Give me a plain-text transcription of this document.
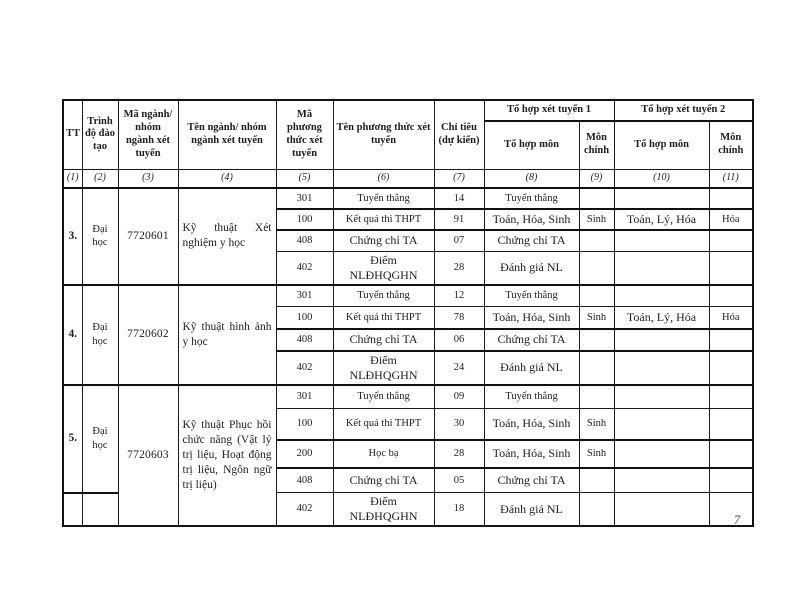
TT	Trình độ đào tạo	Mã ngành/ nhóm ngành xét tuyển	Tên ngành/ nhóm ngành xét tuyển	Mã phương thức xét tuyển	Tên phương thức xét tuyển	Chỉ tiêu (dự kiến)	Tổ hợp xét tuyển 1		Tổ hợp xét tuyển 2	
							Tổ hợp môn	Môn chính	Tổ hợp môn	Môn chính
(1)	(2)	(3)	(4)	(5)	(6)	(7)	(8)	(9)	(10)	(11)
3.	Đại học	7720601	Kỹ thuật Xét nghiệm y học	301	Tuyển thẳng	14	Tuyển thẳng			
				100	Kết quả thi THPT	91	Toán, Hóa, Sinh	Sinh	Toán, Lý, Hóa	Hóa
				408	Chứng chỉ TA	07	Chứng chỉ TA			
				402	Điểm NLĐHQGHN	28	Đánh giá NL			
4.	Đại học	7720602	Kỹ thuật hình ảnh y học	301	Tuyển thẳng	12	Tuyển thẳng			
				100	Kết quả thi THPT	78	Toán, Hóa, Sinh	Sinh	Toán, Lý, Hóa	Hóa
				408	Chứng chỉ TA	06	Chứng chỉ TA			
				402	Điểm NLĐHQGHN	24	Đánh giá NL			
5.	Đại học	7720603	Kỹ thuật Phục hồi chức năng (Vật lý trị liệu, Hoạt động trị liệu, Ngôn ngữ trị liệu)	301	Tuyển thẳng	09	Tuyển thẳng			
				100	Kết quả thi THPT	30	Toán, Hóa, Sinh	Sinh		
				200	Học bạ	28	Toán, Hóa, Sinh	Sinh		
				408	Chứng chỉ TA	05	Chứng chỉ TA			
				402	Điểm NLĐHQGHN	18	Đánh giá NL			
7
